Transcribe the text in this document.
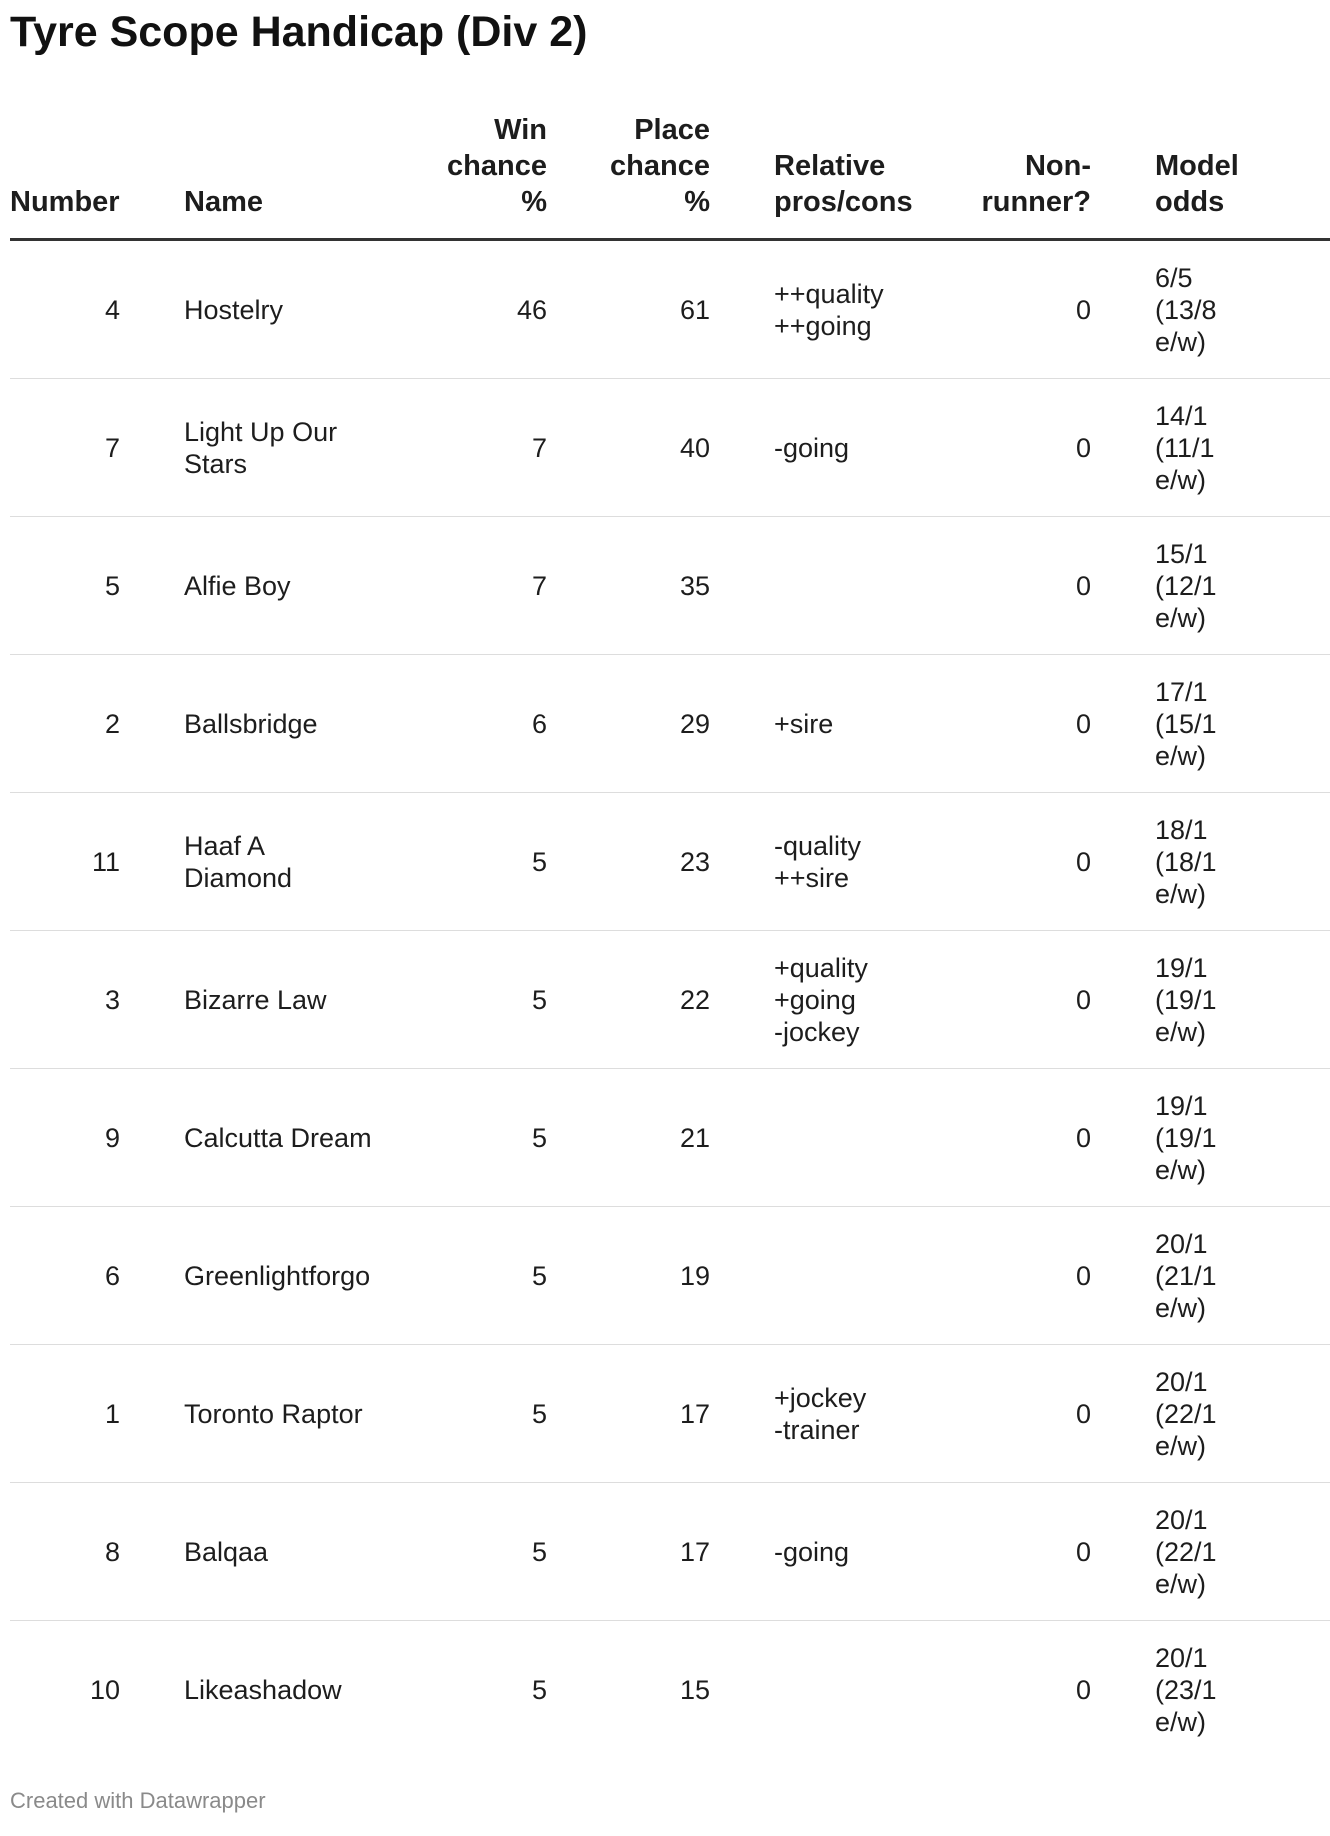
Tyre Scope Handicap (Div 2)
Number		Name	Win
chance
%	Place
chance
%		Relative
pros/cons	Non-
runner?		Model
odds

4		Hostelry	46	61		++quality
++going	0		6/5
(13/8
e/w)

7		Light Up Our
Stars	7	40		-going	0		14/1
(11/1
e/w)

5		Alfie Boy	7	35			0		15/1
(12/1
e/w)

2		Ballsbridge	6	29		+sire	0		17/1
(15/1
e/w)

11		Haaf A
Diamond	5	23		-quality
++sire	0		18/1
(18/1
e/w)

3		Bizarre Law	5	22		+quality
+going
-jockey	0		19/1
(19/1
e/w)

9		Calcutta Dream	5	21			0		19/1
(19/1
e/w)

6		Greenlightforgo	5	19			0		20/1
(21/1
e/w)

1		Toronto Raptor	5	17		+jockey
-trainer	0		20/1
(22/1
e/w)

8		Balqaa	5	17		-going	0		20/1
(22/1
e/w)

10		Likeashadow	5	15			0		20/1
(23/1
e/w)
Created with Datawrapper
